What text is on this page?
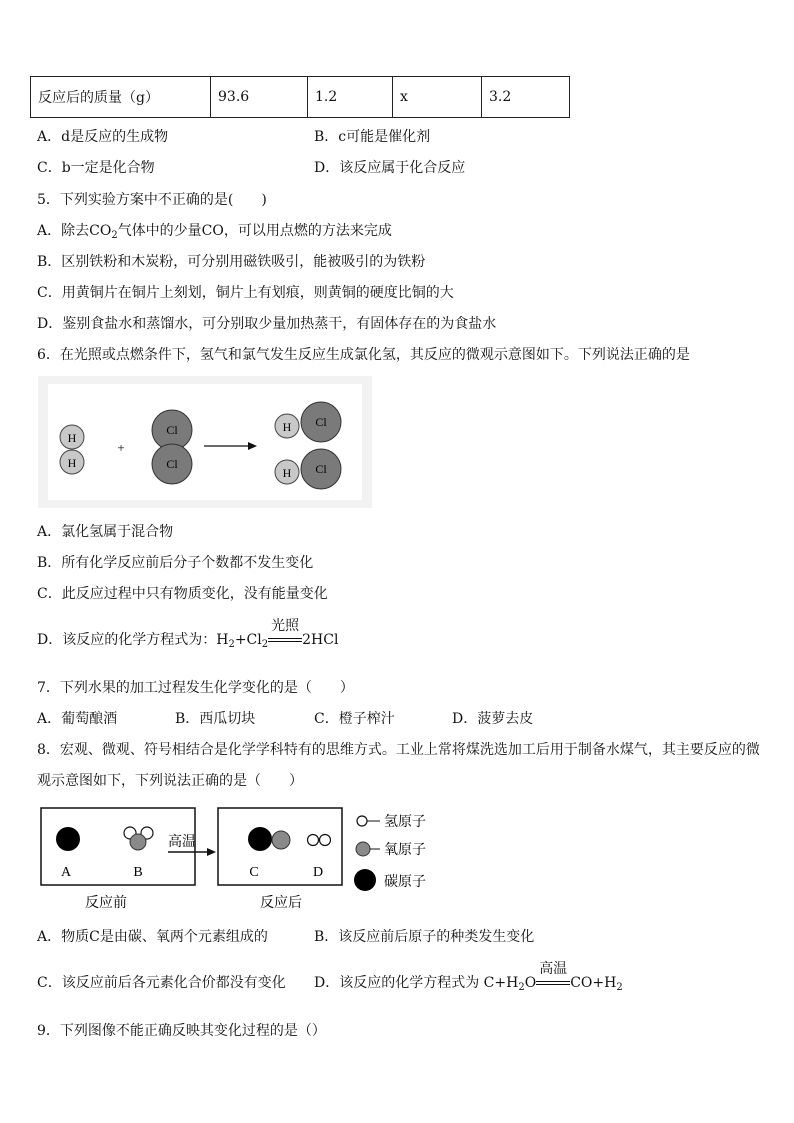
反应后的质量（g）	93.6	1.2	x	3.2
A．d是反应的生成物	B．c可能是催化剂
C．b一定是化合物	D．该反应属于化合反应
5．下列实验方案中不正确的是(　　)
A．除去$CO_2$气体中的少量CO，可以用点燃的方法来完成
B．区别铁粉和木炭粉，可分别用磁铁吸引，能被吸引的为铁粉
C．用黄铜片在铜片上刻划，铜片上有划痕，则黄铜的硬度比铜的大
D．鉴别食盐水和蒸馏水，可分别取少量加热蒸干，有固体存在的为食盐水
6．在光照或点燃条件下，氢气和氯气发生反应生成氯化氢，其反应的微观示意图如下。下列说法正确的是
H
H
+
Cl
Cl
Cl
H
Cl
H
A．氯化氢属于混合物
B．所有化学反应前后分子个数都不发生变化
C．此反应过程中只有物质变化，没有能量变化
D．该反应的化学方程式为：$H_2+Cl_2$
光照
2HCl
7．下列水果的加工过程发生化学变化的是（　　）
A．葡萄酿酒	B．西瓜切块	C．橙子榨汁	D．菠萝去皮
8．宏观、微观、符号相结合是化学学科特有的思维方式。工业上常将煤洗选加工后用于制备水煤气，其主要反应的微
观示意图如下，下列说法正确的是（　　）
A	B
高温
C	D
反应前	反应后
氢原子
氧原子
碳原子
A．物质C是由碳、氧两个元素组成的	B．该反应前后原子的种类发生变化
C．该反应前后各元素化合价都没有变化 D．该反应的化学方程式为 $C+H_2O$
高温
$CO+H_2$
9．下列图像不能正确反映其变化过程的是（）
